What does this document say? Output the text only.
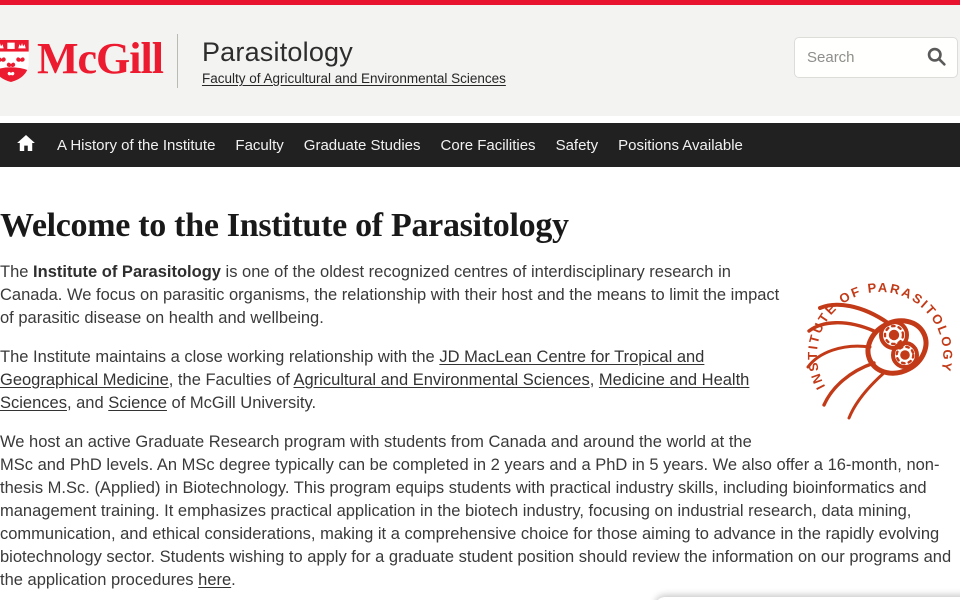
McGill Parasitology
Faculty of Agricultural and Environmental Sciences
Search
A History of the Institute	Faculty	Graduate Studies	Core Facilities	Safety	Positions Available
INSTITUTE OF PARASITOLOGY
Welcome to the Institute of Parasitology

The Institute of Parasitology is one of the oldest recognized centres of interdisciplinary research in Canada. We focus on parasitic organisms, the relationship with their host and the means to limit the impact of parasitic disease on health and wellbeing.

The Institute maintains a close working relationship with the JD MacLean Centre for Tropical and Geographical Medicine, the Faculties of Agricultural and Environmental Sciences, Medicine and Health Sciences, and Science of McGill University.

We host an active Graduate Research program with students from Canada and around the world at the MSc and PhD levels. An MSc degree typically can be completed in 2 years and a PhD in 5 years. We also offer a 16-month, non-thesis M.Sc. (Applied) in Biotechnology. This program equips students with practical industry skills, including bioinformatics and management training. It emphasizes practical application in the biotech industry, focusing on industrial research, data mining, communication, and ethical considerations, making it a comprehensive choice for those aiming to advance in the rapidly evolving biotechnology sector. Students wishing to apply for a graduate student position should review the information on our programs and the application procedures here.
